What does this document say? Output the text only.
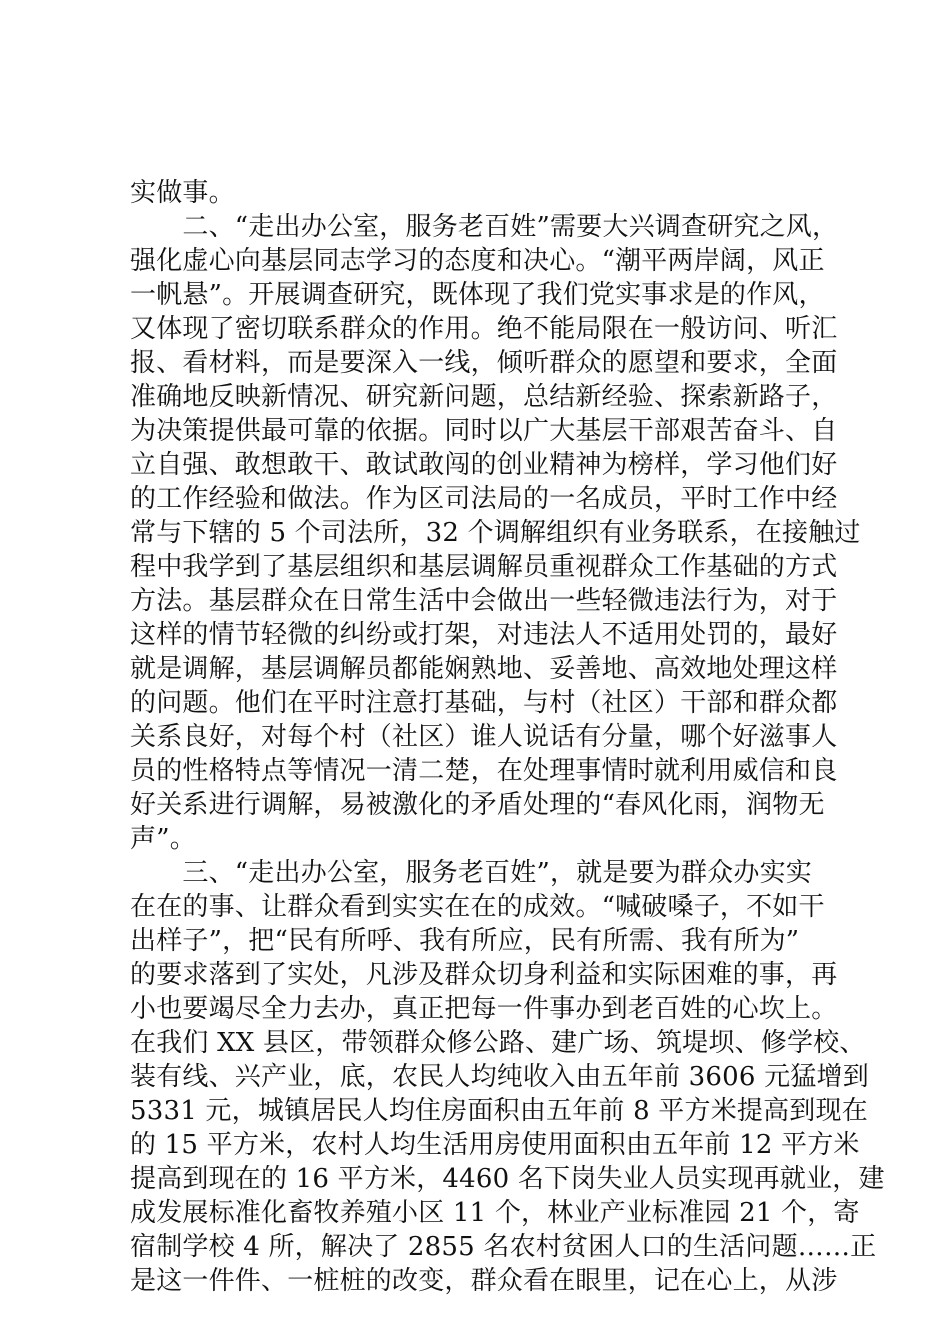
实做事。
　　二、“走出办公室，服务老百姓”需要大兴调查研究之风，
强化虚心向基层同志学习的态度和决心。“潮平两岸阔，风正
一帆悬”。开展调查研究，既体现了我们党实事求是的作风，
又体现了密切联系群众的作用。绝不能局限在一般访问、听汇
报、看材料，而是要深入一线，倾听群众的愿望和要求，全面
准确地反映新情况、研究新问题，总结新经验、探索新路子，
为决策提供最可靠的依据。同时以广大基层干部艰苦奋斗、自
立自强、敢想敢干、敢试敢闯的创业精神为榜样，学习他们好
的工作经验和做法。作为区司法局的一名成员，平时工作中经
常与下辖的 5 个司法所，32 个调解组织有业务联系，在接触过
程中我学到了基层组织和基层调解员重视群众工作基础的方式
方法。基层群众在日常生活中会做出一些轻微违法行为，对于
这样的情节轻微的纠纷或打架，对违法人不适用处罚的，最好
就是调解，基层调解员都能娴熟地、妥善地、高效地处理这样
的问题。他们在平时注意打基础，与村（社区）干部和群众都
关系良好，对每个村（社区）谁人说话有分量，哪个好滋事人
员的性格特点等情况一清二楚，在处理事情时就利用威信和良
好关系进行调解，易被激化的矛盾处理的“春风化雨，润物无
声”。
　　三、“走出办公室，服务老百姓”，就是要为群众办实实
在在的事、让群众看到实实在在的成效。“喊破嗓子，不如干
出样子”，把“民有所呼、我有所应，民有所需、我有所为”
的要求落到了实处，凡涉及群众切身利益和实际困难的事，再
小也要竭尽全力去办，真正把每一件事办到老百姓的心坎上。
在我们 XX 县区，带领群众修公路、建广场、筑堤坝、修学校、
装有线、兴产业，底，农民人均纯收入由五年前 3606 元猛增到
5331 元，城镇居民人均住房面积由五年前 8 平方米提高到现在
的 15 平方米，农村人均生活用房使用面积由五年前 12 平方米
提高到现在的 16 平方米，4460 名下岗失业人员实现再就业，建
成发展标准化畜牧养殖小区 11 个，林业产业标准园 21 个，寄
宿制学校 4 所，解决了 2855 名农村贫困人口的生活问题……正
是这一件件、一桩桩的改变，群众看在眼里，记在心上，从涉
